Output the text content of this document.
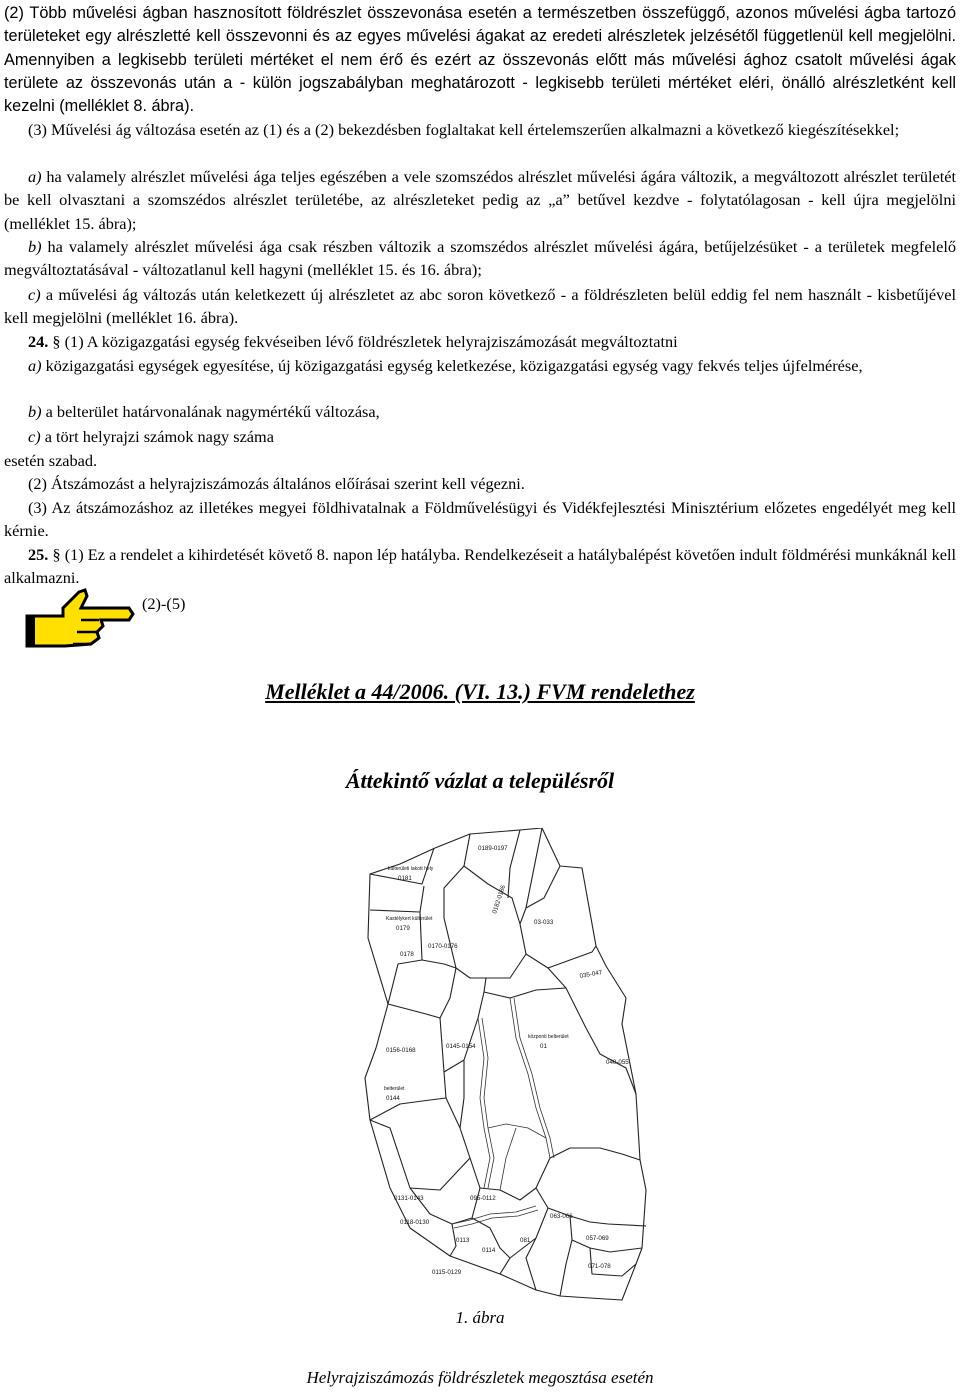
(2) Több művelési ágban hasznosított földrészlet összevonása esetén a természetben összefüggő, azonos művelési ágba tartozó területeket egy alrészletté kell összevonni és az egyes művelési ágakat az eredeti alrészletek jelzésétől függetlenül kell megjelölni. Amennyiben a legkisebb területi mértéket el nem érő és ezért az összevonás előtt más művelési ághoz csatolt művelési ágak területe az összevonás után a - külön jogszabályban meghatározott - legkisebb területi mértéket eléri, önálló alrészletként kell kezelni (melléklet 8. ábra).

(3) Művelési ág változása esetén az (1) és a (2) bekezdésben foglaltakat kell értelemszerűen alkalmazni a következő kiegészítésekkel;

a) ha valamely alrészlet művelési ága teljes egészében a vele szomszédos alrészlet művelési ágára változik, a megváltozott alrészlet területét be kell olvasztani a szomszédos alrészlet területébe, az alrészleteket pedig az „a” betűvel kezdve - folytatólagosan - kell újra megjelölni (melléklet 15. ábra);

b) ha valamely alrészlet művelési ága csak részben változik a szomszédos alrészlet művelési ágára, betűjelzésüket - a területek megfelelő megváltoztatásával - változatlanul kell hagyni (melléklet 15. és 16. ábra);

c) a művelési ág változás után keletkezett új alrészletet az abc soron következő - a földrészleten belül eddig fel nem használt - kisbetűjével kell megjelölni (melléklet 16. ábra).

24. § (1) A közigazgatási egység fekvéseiben lévő földrészletek helyrajziszámozását megváltoztatni

a) közigazgatási egységek egyesítése, új közigazgatási egység keletkezése, közigazgatási egység vagy fekvés teljes újfelmérése,

b) a belterület határvonalának nagymértékű változása,

c) a tört helyrajzi számok nagy száma

esetén szabad.

(2) Átszámozást a helyrajziszámozás általános előírásai szerint kell végezni.

(3) Az átszámozáshoz az illetékes megyei földhivatalnak a Földművelésügyi és Vidékfejlesztési Minisztérium előzetes engedélyét meg kell kérnie.

25. § (1) Ez a rendelet a kihirdetését követő 8. napon lép hatályba. Rendelkezéseit a hatálybalépést követően indult földmérési munkáknál kell alkalmazni.

(2)-(5)
Melléklet a 44/2006. (VI. 13.) FVM rendelethez
Áttekintő vázlat a településről
0189-0197
külterületi lakott hely
0181
Kastélykert külterület
0179
0178
0170-0176
0182-0186
03-033
035-047
0156-0168
0145-0154
központi belterület
01
040-055
belterület
0144
0131-0143	095-0112
0118-0130
063-066
057-069
071-078
0113
0114
0115-0129
081
1. ábra
Helyrajziszámozás földrészletek megosztása esetén
